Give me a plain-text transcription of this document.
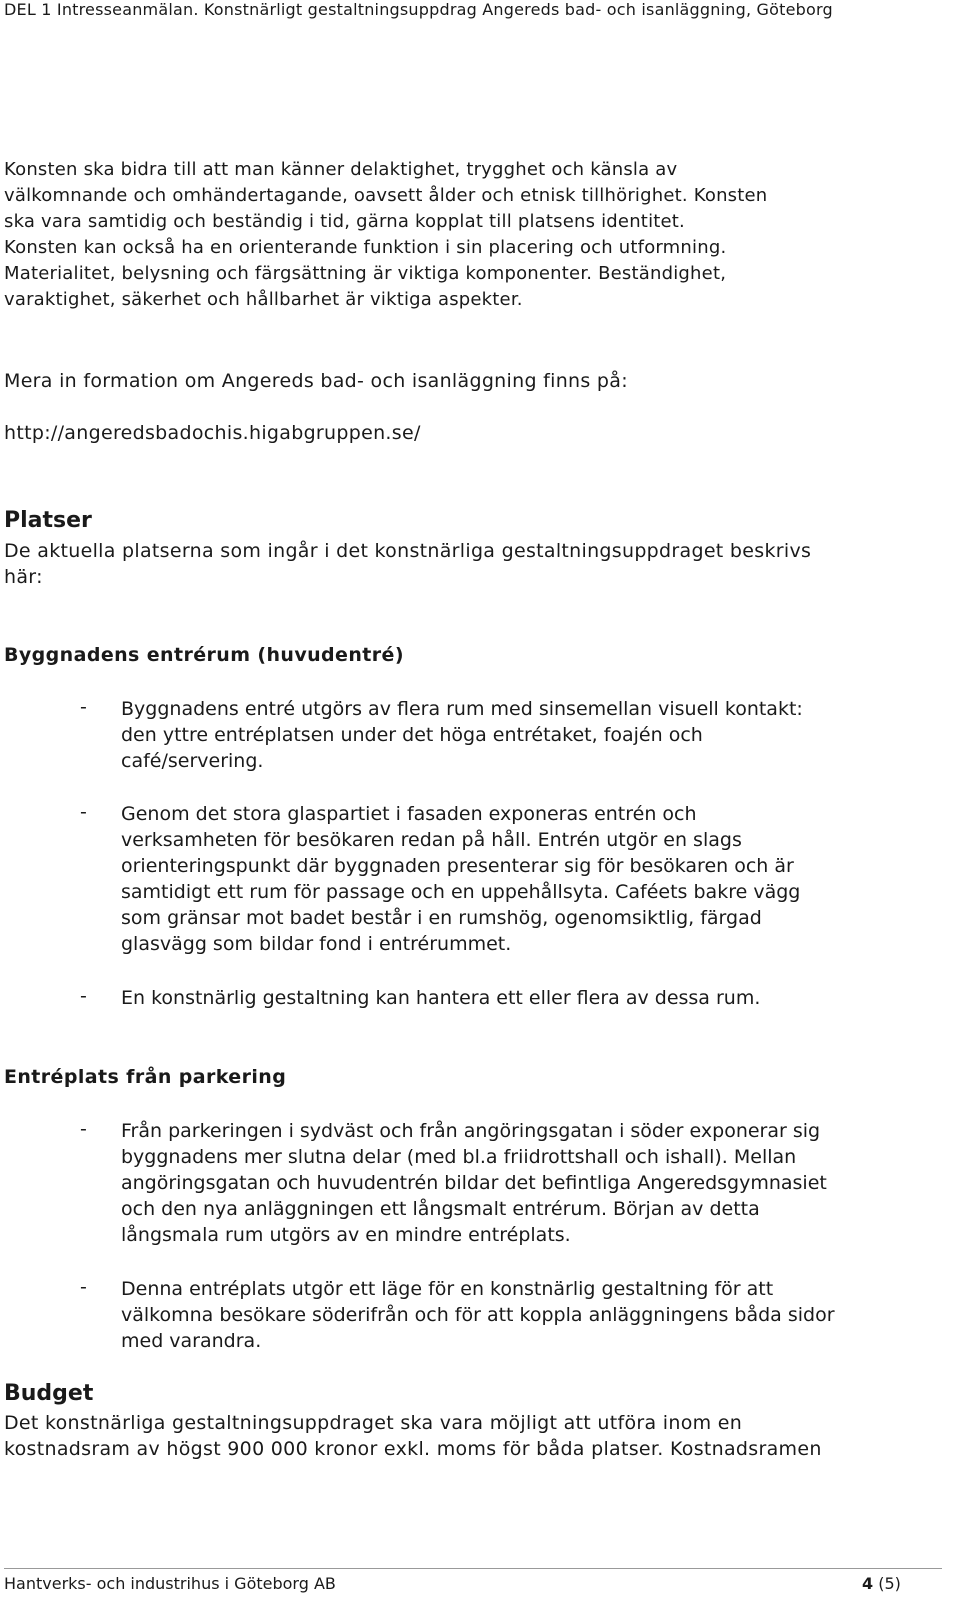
DEL 1 Intresseanmälan. Konstnärligt gestaltningsuppdrag Angereds bad- och isanläggning, Göteborg
Konsten ska bidra till att man känner delaktighet, trygghet och känsla av
välkomnande och omhändertagande, oavsett ålder och etnisk tillhörighet. Konsten
ska vara samtidig och beständig i tid, gärna kopplat till platsens identitet.
Konsten kan också ha en orienterande funktion i sin placering och utformning.
Materialitet, belysning och färgsättning är viktiga komponenter. Beständighet,
varaktighet, säkerhet och hållbarhet är viktiga aspekter.
Mera in formation om Angereds bad- och isanläggning finns på:
http://angeredsbadochis.higabgruppen.se/
Platser
De aktuella platserna som ingår i det konstnärliga gestaltningsuppdraget beskrivs
här:
Byggnadens entrérum (huvudentré)
- Byggnadens entré utgörs av flera rum med sinsemellan visuell kontakt:
den yttre entréplatsen under det höga entrétaket, foajén och
café/servering.
- Genom det stora glaspartiet i fasaden exponeras entrén och
verksamheten för besökaren redan på håll. Entrén utgör en slags
orienteringspunkt där byggnaden presenterar sig för besökaren och är
samtidigt ett rum för passage och en uppehållsyta. Caféets bakre vägg
som gränsar mot badet består i en rumshög, ogenomsiktlig, färgad
glasvägg som bildar fond i entrérummet.
- En konstnärlig gestaltning kan hantera ett eller flera av dessa rum.
Entréplats från parkering
- Från parkeringen i sydväst och från angöringsgatan i söder exponerar sig
byggnadens mer slutna delar (med bl.a friidrottshall och ishall). Mellan
angöringsgatan och huvudentrén bildar det befintliga Angeredsgymnasiet
och den nya anläggningen ett långsmalt entrérum. Början av detta
långsmala rum utgörs av en mindre entréplats.
- Denna entréplats utgör ett läge för en konstnärlig gestaltning för att
välkomna besökare söderifrån och för att koppla anläggningens båda sidor
med varandra.
Budget
Det konstnärliga gestaltningsuppdraget ska vara möjligt att utföra inom en
kostnadsram av högst 900 000 kronor exkl. moms för båda platser. Kostnadsramen
Hantverks- och industrihus i Göteborg AB	4 (5)
